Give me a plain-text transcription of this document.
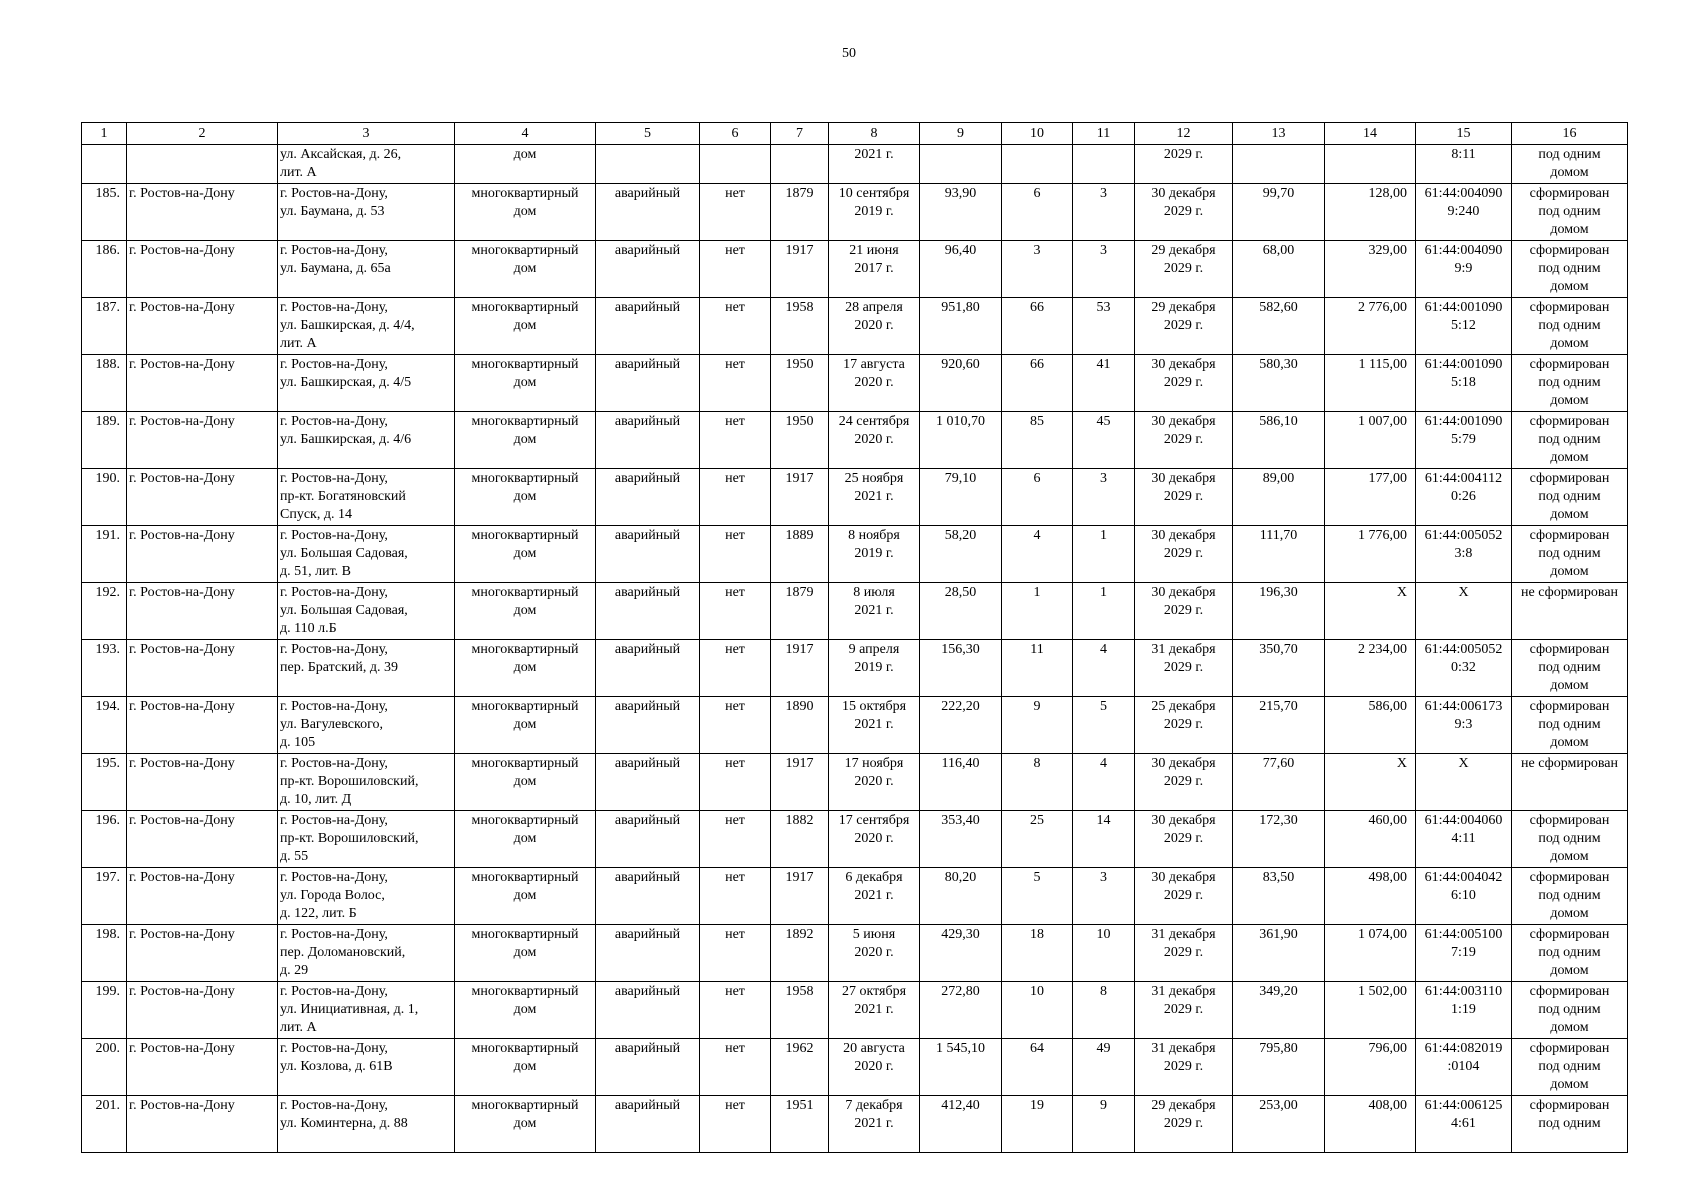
50
1	2	3	4	5	6	7	8	9	10	11	12	13	14	15	16
		ул. Аксайская, д. 26,
лит. А	дом				2021 г.				2029 г.			8:11	под одним
домом
185.	г. Ростов-на-Дону	г. Ростов-на-Дону,
ул. Баумана, д. 53	многоквартирный
дом	аварийный	нет	1879	10 сентября
2019 г.	93,90	6	3	30 декабря
2029 г.	99,70	128,00	61:44:004090
9:240	сформирован
под одним
домом
186.	г. Ростов-на-Дону	г. Ростов-на-Дону,
ул. Баумана, д. 65а	многоквартирный
дом	аварийный	нет	1917	21 июня
2017 г.	96,40	3	3	29 декабря
2029 г.	68,00	329,00	61:44:004090
9:9	сформирован
под одним
домом
187.	г. Ростов-на-Дону	г. Ростов-на-Дону,
ул. Башкирская, д. 4/4,
лит. А	многоквартирный
дом	аварийный	нет	1958	28 апреля
2020 г.	951,80	66	53	29 декабря
2029 г.	582,60	2 776,00	61:44:001090
5:12	сформирован
под одним
домом
188.	г. Ростов-на-Дону	г. Ростов-на-Дону,
ул. Башкирская, д. 4/5	многоквартирный
дом	аварийный	нет	1950	17 августа
2020 г.	920,60	66	41	30 декабря
2029 г.	580,30	1 115,00	61:44:001090
5:18	сформирован
под одним
домом
189.	г. Ростов-на-Дону	г. Ростов-на-Дону,
ул. Башкирская, д. 4/6	многоквартирный
дом	аварийный	нет	1950	24 сентября
2020 г.	1 010,70	85	45	30 декабря
2029 г.	586,10	1 007,00	61:44:001090
5:79	сформирован
под одним
домом
190.	г. Ростов-на-Дону	г. Ростов-на-Дону,
пр-кт. Богатяновский
Спуск, д. 14	многоквартирный
дом	аварийный	нет	1917	25 ноября
2021 г.	79,10	6	3	30 декабря
2029 г.	89,00	177,00	61:44:004112
0:26	сформирован
под одним
домом
191.	г. Ростов-на-Дону	г. Ростов-на-Дону,
ул. Большая Садовая,
д. 51, лит. В	многоквартирный
дом	аварийный	нет	1889	8 ноября
2019 г.	58,20	4	1	30 декабря
2029 г.	111,70	1 776,00	61:44:005052
3:8	сформирован
под одним
домом
192.	г. Ростов-на-Дону	г. Ростов-на-Дону,
ул. Большая Садовая,
д. 110 л.Б	многоквартирный
дом	аварийный	нет	1879	8 июля
2021 г.	28,50	1	1	30 декабря
2029 г.	196,30	Х	Х	не сформирован
193.	г. Ростов-на-Дону	г. Ростов-на-Дону,
пер. Братский, д. 39	многоквартирный
дом	аварийный	нет	1917	9 апреля
2019 г.	156,30	11	4	31 декабря
2029 г.	350,70	2 234,00	61:44:005052
0:32	сформирован
под одним
домом
194.	г. Ростов-на-Дону	г. Ростов-на-Дону,
ул. Вагулевского,
д. 105	многоквартирный
дом	аварийный	нет	1890	15 октября
2021 г.	222,20	9	5	25 декабря
2029 г.	215,70	586,00	61:44:006173
9:3	сформирован
под одним
домом
195.	г. Ростов-на-Дону	г. Ростов-на-Дону,
пр-кт. Ворошиловский,
д. 10, лит. Д	многоквартирный
дом	аварийный	нет	1917	17 ноября
2020 г.	116,40	8	4	30 декабря
2029 г.	77,60	Х	Х	не сформирован
196.	г. Ростов-на-Дону	г. Ростов-на-Дону,
пр-кт. Ворошиловский,
д. 55	многоквартирный
дом	аварийный	нет	1882	17 сентября
2020 г.	353,40	25	14	30 декабря
2029 г.	172,30	460,00	61:44:004060
4:11	сформирован
под одним
домом
197.	г. Ростов-на-Дону	г. Ростов-на-Дону,
ул. Города Волос,
д. 122, лит. Б	многоквартирный
дом	аварийный	нет	1917	6 декабря
2021 г.	80,20	5	3	30 декабря
2029 г.	83,50	498,00	61:44:004042
6:10	сформирован
под одним
домом
198.	г. Ростов-на-Дону	г. Ростов-на-Дону,
пер. Доломановский,
д. 29	многоквартирный
дом	аварийный	нет	1892	5 июня
2020 г.	429,30	18	10	31 декабря
2029 г.	361,90	1 074,00	61:44:005100
7:19	сформирован
под одним
домом
199.	г. Ростов-на-Дону	г. Ростов-на-Дону,
ул. Инициативная, д. 1,
лит. А	многоквартирный
дом	аварийный	нет	1958	27 октября
2021 г.	272,80	10	8	31 декабря
2029 г.	349,20	1 502,00	61:44:003110
1:19	сформирован
под одним
домом
200.	г. Ростов-на-Дону	г. Ростов-на-Дону,
ул. Козлова, д. 61В	многоквартирный
дом	аварийный	нет	1962	20 августа
2020 г.	1 545,10	64	49	31 декабря
2029 г.	795,80	796,00	61:44:082019
:0104	сформирован
под одним
домом
201.	г. Ростов-на-Дону	г. Ростов-на-Дону,
ул. Коминтерна, д. 88	многоквартирный
дом	аварийный	нет	1951	7 декабря
2021 г.	412,40	19	9	29 декабря
2029 г.	253,00	408,00	61:44:006125
4:61	сформирован
под одним
